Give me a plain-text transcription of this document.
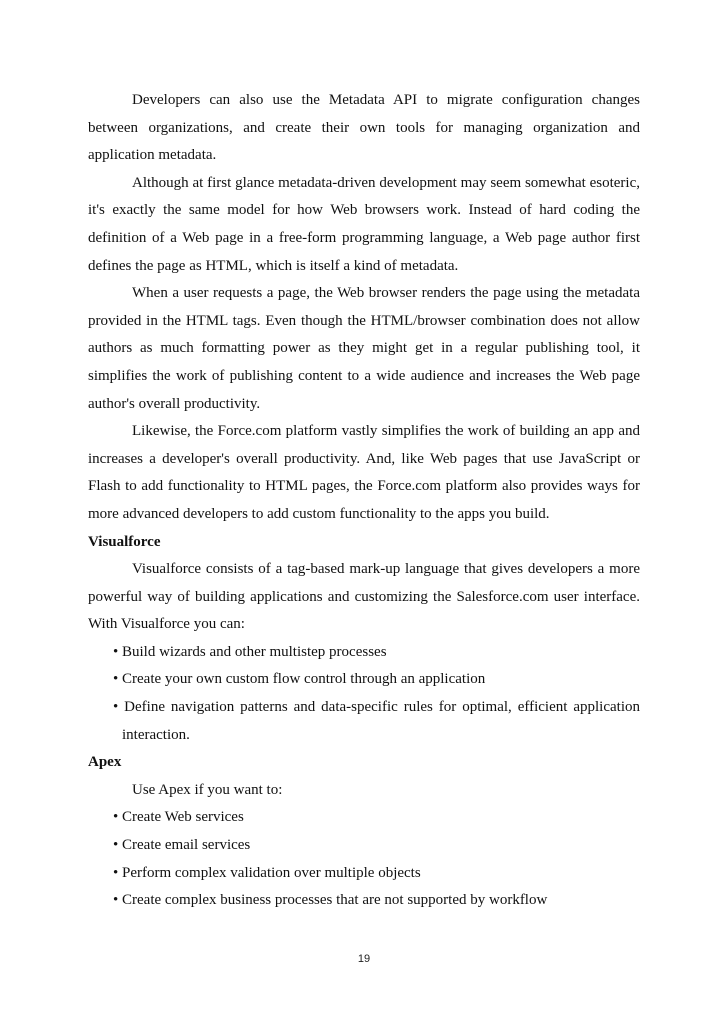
Developers can also use the Metadata API to migrate configuration changes between organizations, and create their own tools for managing organization and application metadata.

Although at first glance metadata-driven development may seem somewhat esoteric, it's exactly the same model for how Web browsers work. Instead of hard coding the definition of a Web page in a free-form programming language, a Web page author first defines the page as HTML, which is itself a kind of metadata.

When a user requests a page, the Web browser renders the page using the metadata provided in the HTML tags. Even though the HTML/browser combination does not allow authors as much formatting power as they might get in a regular publishing tool, it simplifies the work of publishing content to a wide audience and increases the Web page author's overall productivity.

Likewise, the Force.com platform vastly simplifies the work of building an app and increases a developer's overall productivity. And, like Web pages that use JavaScript or Flash to add functionality to HTML pages, the Force.com platform also provides ways for more advanced developers to add custom functionality to the apps you build.

Visualforce

Visualforce consists of a tag-based mark-up language that gives developers a more powerful way of building applications and customizing the Salesforce.com user interface. With Visualforce you can:

• Build wizards and other multistep processes

• Create your own custom flow control through an application

• Define navigation patterns and data-specific rules for optimal, efficient application interaction.

Apex

Use Apex if you want to:

• Create Web services

• Create email services

• Perform complex validation over multiple objects

• Create complex business processes that are not supported by workflow

19
